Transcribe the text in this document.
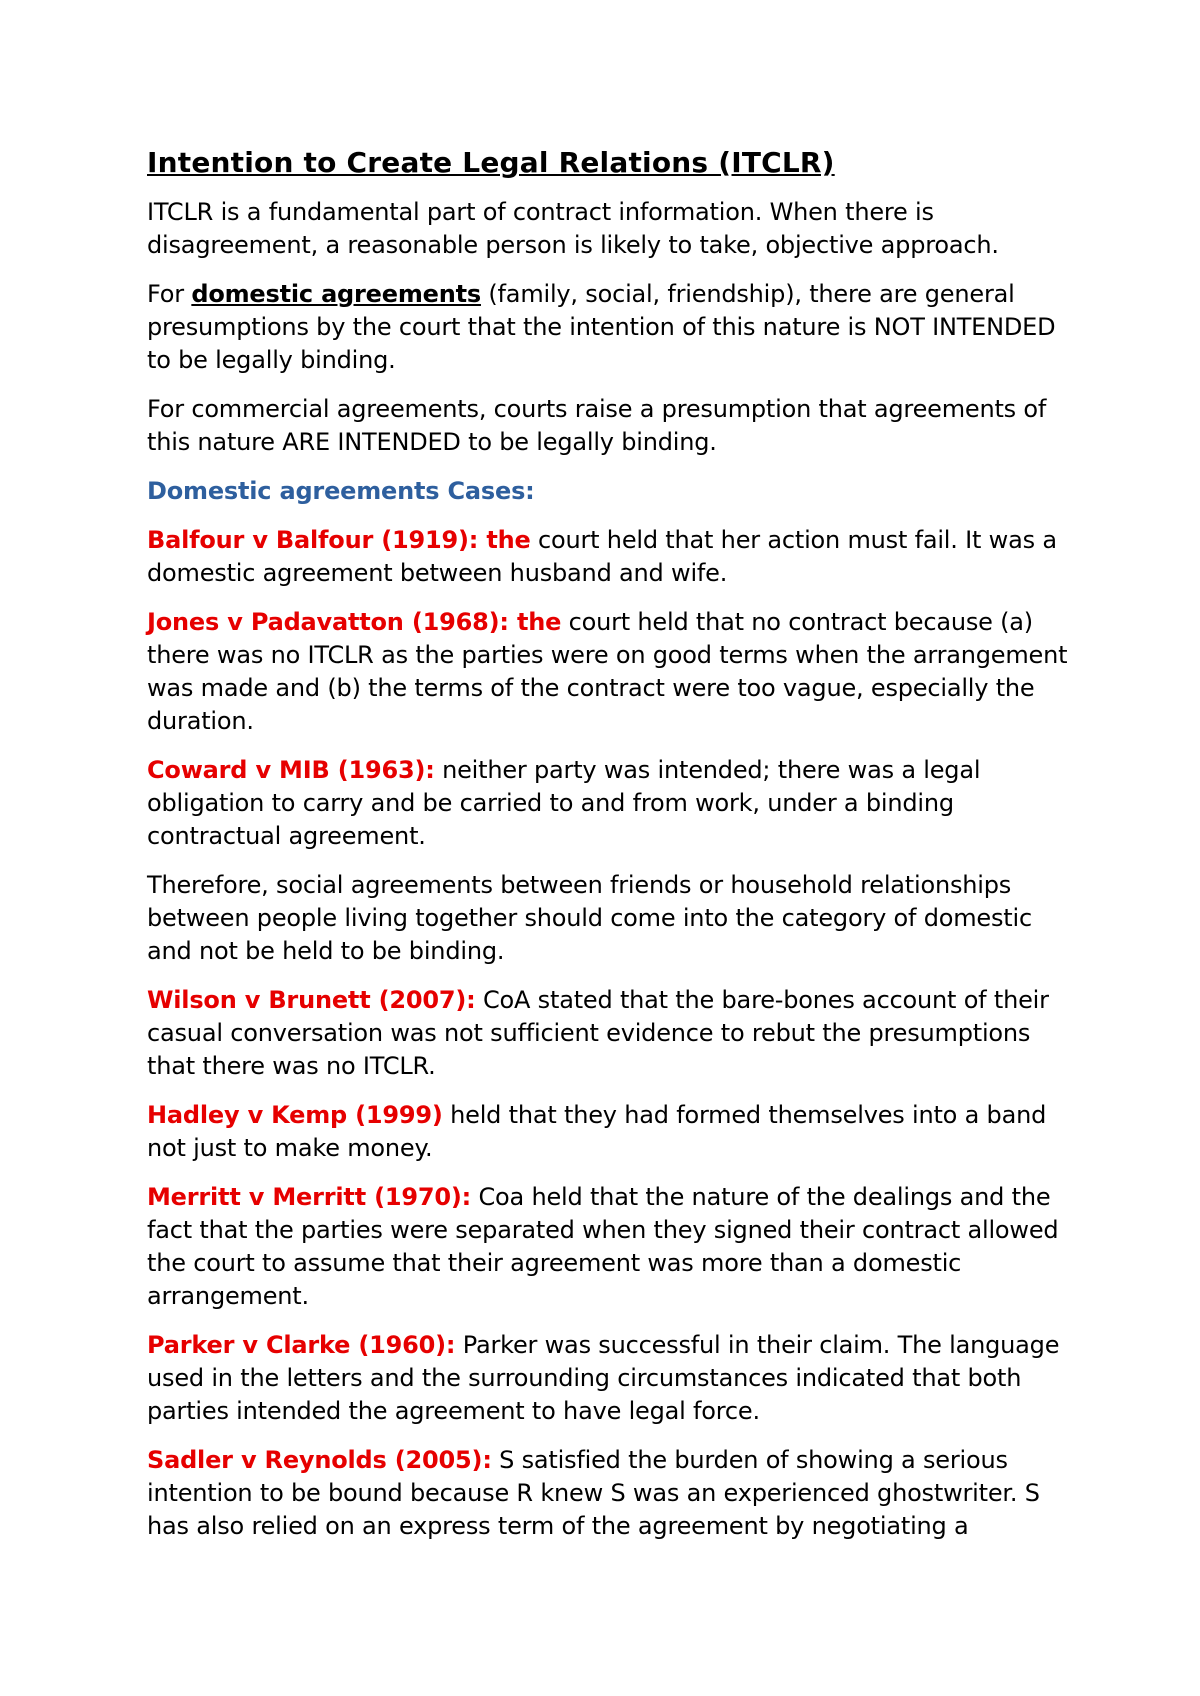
Intention to Create Legal Relations (ITCLR)

ITCLR is a fundamental part of contract information. When there is disagreement, a reasonable person is likely to take, objective approach.

For domestic agreements (family, social, friendship), there are general presumptions by the court that the intention of this nature is NOT INTENDED to be legally binding.

For commercial agreements, courts raise a presumption that agreements of this nature ARE INTENDED to be legally binding.

Domestic agreements Cases:

Balfour v Balfour (1919): the court held that her action must fail. It was a domestic agreement between husband and wife.

Jones v Padavatton (1968): the court held that no contract because (a) there was no ITCLR as the parties were on good terms when the arrangement was made and (b) the terms of the contract were too vague, especially the duration.

Coward v MIB (1963): neither party was intended; there was a legal obligation to carry and be carried to and from work, under a binding contractual agreement.

Therefore, social agreements between friends or household relationships between people living together should come into the category of domestic and not be held to be binding.

Wilson v Brunett (2007): CoA stated that the bare-bones account of their casual conversation was not sufficient evidence to rebut the presumptions that there was no ITCLR.

Hadley v Kemp (1999) held that they had formed themselves into a band not just to make money.

Merritt v Merritt (1970): Coa held that the nature of the dealings and the fact that the parties were separated when they signed their contract allowed the court to assume that their agreement was more than a domestic arrangement.

Parker v Clarke (1960): Parker was successful in their claim. The language used in the letters and the surrounding circumstances indicated that both parties intended the agreement to have legal force.

Sadler v Reynolds (2005): S satisfied the burden of showing a serious intention to be bound because R knew S was an experienced ghostwriter. S has also relied on an express term of the agreement by negotiating a
